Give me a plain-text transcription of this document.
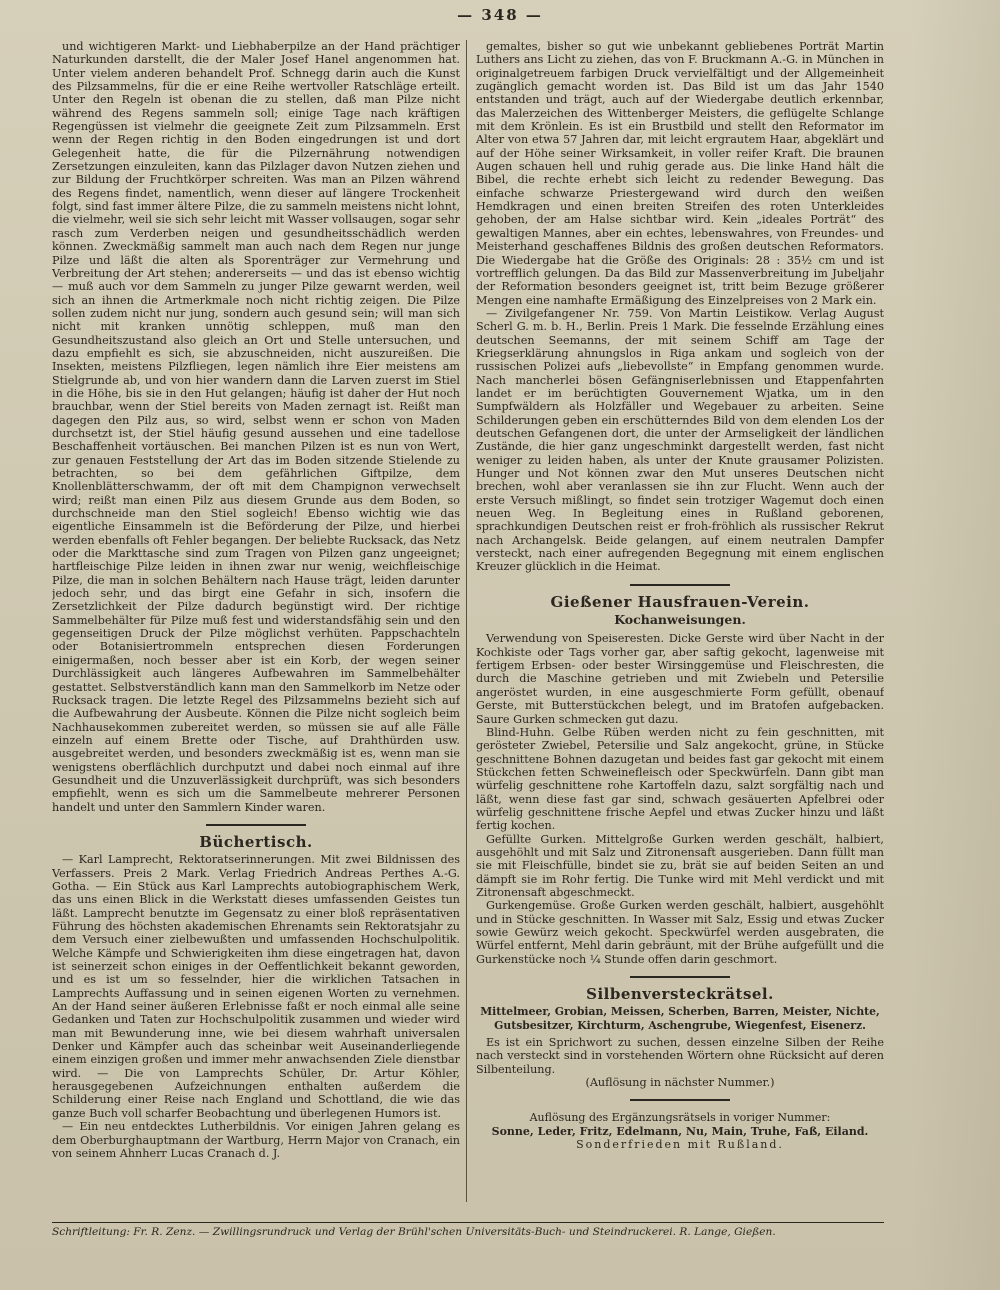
— 348 —

und wichtigeren Markt- und Liebhaberpilze an der Hand prächtiger Naturkunden darstellt, die der Maler Josef Hanel angenommen hat. Unter vielem anderen behandelt Prof. Schnegg darin auch die Kunst des Pilzsammelns, für die er eine Reihe wertvoller Ratschläge erteilt. Unter den Regeln ist obenan die zu stellen, daß man Pilze nicht während des Regens sammeln soll; einige Tage nach kräftigen Regengüssen ist vielmehr die geeignete Zeit zum Pilzsammeln. Erst wenn der Regen richtig in den Boden eingedrungen ist und dort Gelegenheit hatte, die für die Pilzernährung notwendigen Zersetzungen einzuleiten, kann das Pilzlager davon Nutzen ziehen und zur Bildung der Fruchtkörper schreiten. Was man an Pilzen während des Regens findet, namentlich, wenn dieser auf längere Trockenheit folgt, sind fast immer ältere Pilze, die zu sammeln meistens nicht lohnt, die vielmehr, weil sie sich sehr leicht mit Wasser vollsaugen, sogar sehr rasch zum Verderben neigen und gesundheitsschädlich werden können. Zweckmäßig sammelt man auch nach dem Regen nur junge Pilze und läßt die alten als Sporenträger zur Vermehrung und Verbreitung der Art stehen; andererseits — und das ist ebenso wichtig — muß auch vor dem Sammeln zu junger Pilze gewarnt werden, weil sich an ihnen die Artmerkmale noch nicht richtig zeigen. Die Pilze sollen zudem nicht nur jung, sondern auch gesund sein; will man sich nicht mit kranken unnötig schleppen, muß man den Gesundheitszustand also gleich an Ort und Stelle untersuchen, und dazu empfiehlt es sich, sie abzuschneiden, nicht auszureißen. Die Insekten, meistens Pilzfliegen, legen nämlich ihre Eier meistens am Stielgrunde ab, und von hier wandern dann die Larven zuerst im Stiel in die Höhe, bis sie in den Hut gelangen; häufig ist daher der Hut noch brauchbar, wenn der Stiel bereits von Maden zernagt ist. Reißt man dagegen den Pilz aus, so wird, selbst wenn er schon von Maden durchsetzt ist, der Stiel häufig gesund aussehen und eine tadellose Beschaffenheit vortäuschen. Bei manchen Pilzen ist es nun von Wert, zur genauen Feststellung der Art das im Boden sitzende Stielende zu betrachten, so bei dem gefährlichen Giftpilze, dem Knollenblätterschwamm, der oft mit dem Champignon verwechselt wird; reißt man einen Pilz aus diesem Grunde aus dem Boden, so durchschneide man den Stiel sogleich! Ebenso wichtig wie das eigentliche Einsammeln ist die Beförderung der Pilze, und hierbei werden ebenfalls oft Fehler begangen. Der beliebte Rucksack, das Netz oder die Markttasche sind zum Tragen von Pilzen ganz ungeeignet; hartfleischige Pilze leiden in ihnen zwar nur wenig, weichfleischige Pilze, die man in solchen Behältern nach Hause trägt, leiden darunter jedoch sehr, und das birgt eine Gefahr in sich, insofern die Zersetzlichkeit der Pilze dadurch begünstigt wird. Der richtige Sammelbehälter für Pilze muß fest und widerstandsfähig sein und den gegenseitigen Druck der Pilze möglichst verhüten. Pappschachteln oder Botanisiertrommeln entsprechen diesen Forderungen einigermaßen, noch besser aber ist ein Korb, der wegen seiner Durchlässigkeit auch längeres Aufbewahren im Sammelbehälter gestattet. Selbstverständlich kann man den Sammelkorb im Netze oder Rucksack tragen. Die letzte Regel des Pilzsammelns bezieht sich auf die Aufbewahrung der Ausbeute. Können die Pilze nicht sogleich beim Nachhausekommen zubereitet werden, so müssen sie auf alle Fälle einzeln auf einem Brette oder Tische, auf Drahthürden usw. ausgebreitet werden, und besonders zweckmäßig ist es, wenn man sie wenigstens oberflächlich durchputzt und dabei noch einmal auf ihre Gesundheit und die Unzuverlässigkeit durchprüft, was sich besonders empfiehlt, wenn es sich um die Sammelbeute mehrerer Personen handelt und unter den Sammlern Kinder waren.

Büchertisch.

— Karl Lamprecht, Rektoratserinnerungen. Mit zwei Bildnissen des Verfassers. Preis 2 Mark. Verlag Friedrich Andreas Perthes A.-G. Gotha. — Ein Stück aus Karl Lamprechts autobiographischem Werk, das uns einen Blick in die Werkstatt dieses umfassenden Geistes tun läßt. Lamprecht benutzte im Gegensatz zu einer bloß repräsentativen Führung des höchsten akademischen Ehrenamts sein Rektoratsjahr zu dem Versuch einer zielbewußten und umfassenden Hochschulpolitik. Welche Kämpfe und Schwierigkeiten ihm diese eingetragen hat, davon ist seinerzeit schon einiges in der Oeffentlichkeit bekannt geworden, und es ist um so fesselnder, hier die wirklichen Tatsachen in Lamprechts Auffassung und in seinen eigenen Worten zu vernehmen. An der Hand seiner äußeren Erlebnisse faßt er noch einmal alle seine Gedanken und Taten zur Hochschulpolitik zusammen und wieder wird man mit Bewunderung inne, wie bei diesem wahrhaft universalen Denker und Kämpfer auch das scheinbar weit Auseinanderliegende einem einzigen großen und immer mehr anwachsenden Ziele dienstbar wird. — Die von Lamprechts Schüler, Dr. Artur Köhler, herausgegebenen Aufzeichnungen enthalten außerdem die Schilderung einer Reise nach England und Schottland, die wie das ganze Buch voll scharfer Beobachtung und überlegenen Humors ist.

— Ein neu entdecktes Lutherbildnis. Vor einigen Jahren gelang es dem Oberburghauptmann der Wartburg, Herrn Major von Cranach, ein von seinem Ahnherr Lucas Cranach d. J.

gemaltes, bisher so gut wie unbekannt gebliebenes Porträt Martin Luthers ans Licht zu ziehen, das von F. Bruckmann A.-G. in München in originalgetreuem farbigen Druck vervielfältigt und der Allgemeinheit zugänglich gemacht worden ist. Das Bild ist um das Jahr 1540 entstanden und trägt, auch auf der Wiedergabe deutlich erkennbar, das Malerzeichen des Wittenberger Meisters, die geflügelte Schlange mit dem Krönlein. Es ist ein Brustbild und stellt den Reformator im Alter von etwa 57 Jahren dar, mit leicht ergrautem Haar, abgeklärt und auf der Höhe seiner Wirksamkeit, in voller reifer Kraft. Die braunen Augen schauen hell und ruhig gerade aus. Die linke Hand hält die Bibel, die rechte erhebt sich leicht zu redender Bewegung. Das einfache schwarze Priestergewand wird durch den weißen Hemdkragen und einen breiten Streifen des roten Unterkleides gehoben, der am Halse sichtbar wird. Kein „ideales Porträt“ des gewaltigen Mannes, aber ein echtes, lebenswahres, von Freundes- und Meisterhand geschaffenes Bildnis des großen deutschen Reformators. Die Wiedergabe hat die Größe des Originals: 28 : 35½ cm und ist vortrefflich gelungen. Da das Bild zur Massenverbreitung im Jubeljahr der Reformation besonders geeignet ist, tritt beim Bezuge größerer Mengen eine namhafte Ermäßigung des Einzelpreises von 2 Mark ein.

— Zivilgefangener Nr. 759. Von Martin Leistikow. Verlag August Scherl G. m. b. H., Berlin. Preis 1 Mark. Die fesselnde Erzählung eines deutschen Seemanns, der mit seinem Schiff am Tage der Kriegserklärung ahnungslos in Riga ankam und sogleich von der russischen Polizei aufs „liebevollste“ in Empfang genommen wurde. Nach mancherlei bösen Gefängniserlebnissen und Etappenfahrten landet er im berüchtigten Gouvernement Wjatka, um in den Sumpfwäldern als Holzfäller und Wegebauer zu arbeiten. Seine Schilderungen geben ein erschütterndes Bild von dem elenden Los der deutschen Gefangenen dort, die unter der Armseligkeit der ländlichen Zustände, die hier ganz ungeschminkt dargestellt werden, fast nicht weniger zu leiden haben, als unter der Knute grausamer Polizisten. Hunger und Not können zwar den Mut unseres Deutschen nicht brechen, wohl aber veranlassen sie ihn zur Flucht. Wenn auch der erste Versuch mißlingt, so findet sein trotziger Wagemut doch einen neuen Weg. In Begleitung eines in Rußland geborenen, sprachkundigen Deutschen reist er froh-fröhlich als russischer Rekrut nach Archangelsk. Beide gelangen, auf einem neutralen Dampfer versteckt, nach einer aufregenden Begegnung mit einem englischen Kreuzer glücklich in die Heimat.

Gießener Hausfrauen-Verein.
Kochanweisungen.

Verwendung von Speiseresten. Dicke Gerste wird über Nacht in der Kochkiste oder Tags vorher gar, aber saftig gekocht, lagenweise mit fertigem Erbsen- oder bester Wirsinggemüse und Fleischresten, die durch die Maschine getrieben und mit Zwiebeln und Petersilie angeröstet wurden, in eine ausgeschmierte Form gefüllt, obenauf Gerste, mit Butterstückchen belegt, und im Bratofen aufgebacken. Saure Gurken schmecken gut dazu.

Blind-Huhn. Gelbe Rüben werden nicht zu fein geschnitten, mit gerösteter Zwiebel, Petersilie und Salz angekocht, grüne, in Stücke geschnittene Bohnen dazugetan und beides fast gar gekocht mit einem Stückchen fetten Schweinefleisch oder Speckwürfeln. Dann gibt man würfelig geschnittene rohe Kartoffeln dazu, salzt sorgfältig nach und läßt, wenn diese fast gar sind, schwach gesäuerten Apfelbrei oder würfelig geschnittene frische Aepfel und etwas Zucker hinzu und läßt fertig kochen.

Gefüllte Gurken. Mittelgroße Gurken werden geschält, halbiert, ausgehöhlt und mit Salz und Zitronensaft ausgerieben. Dann füllt man sie mit Fleischfülle, bindet sie zu, brät sie auf beiden Seiten an und dämpft sie im Rohr fertig. Die Tunke wird mit Mehl verdickt und mit Zitronensaft abgeschmeckt.

Gurkengemüse. Große Gurken werden geschält, halbiert, ausgehöhlt und in Stücke geschnitten. In Wasser mit Salz, Essig und etwas Zucker sowie Gewürz weich gekocht. Speckwürfel werden ausgebraten, die Würfel entfernt, Mehl darin gebräunt, mit der Brühe aufgefüllt und die Gurkenstücke noch ¼ Stunde offen darin geschmort.

Silbenversteckrätsel.
Mittelmeer, Grobian, Meissen, Scherben, Barren, Meister, Nichte, Gutsbesitzer, Kirchturm, Aschengrube, Wiegenfest, Eisenerz.

Es ist ein Sprichwort zu suchen, dessen einzelne Silben der Reihe nach versteckt sind in vorstehenden Wörtern ohne Rücksicht auf deren Silbenteilung.

(Auflösung in nächster Nummer.)
Auflösung des Ergänzungsrätsels in voriger Nummer:
Sonne, Leder, Fritz, Edelmann, Nu, Main, Truhe, Faß, Eiland.
Sonderfrieden mit Rußland.
Schriftleitung: Fr. R. Zenz. — Zwillingsrundruck und Verlag der Brühl'schen Universitäts-Buch- und Steindruckerei. R. Lange, Gießen.
